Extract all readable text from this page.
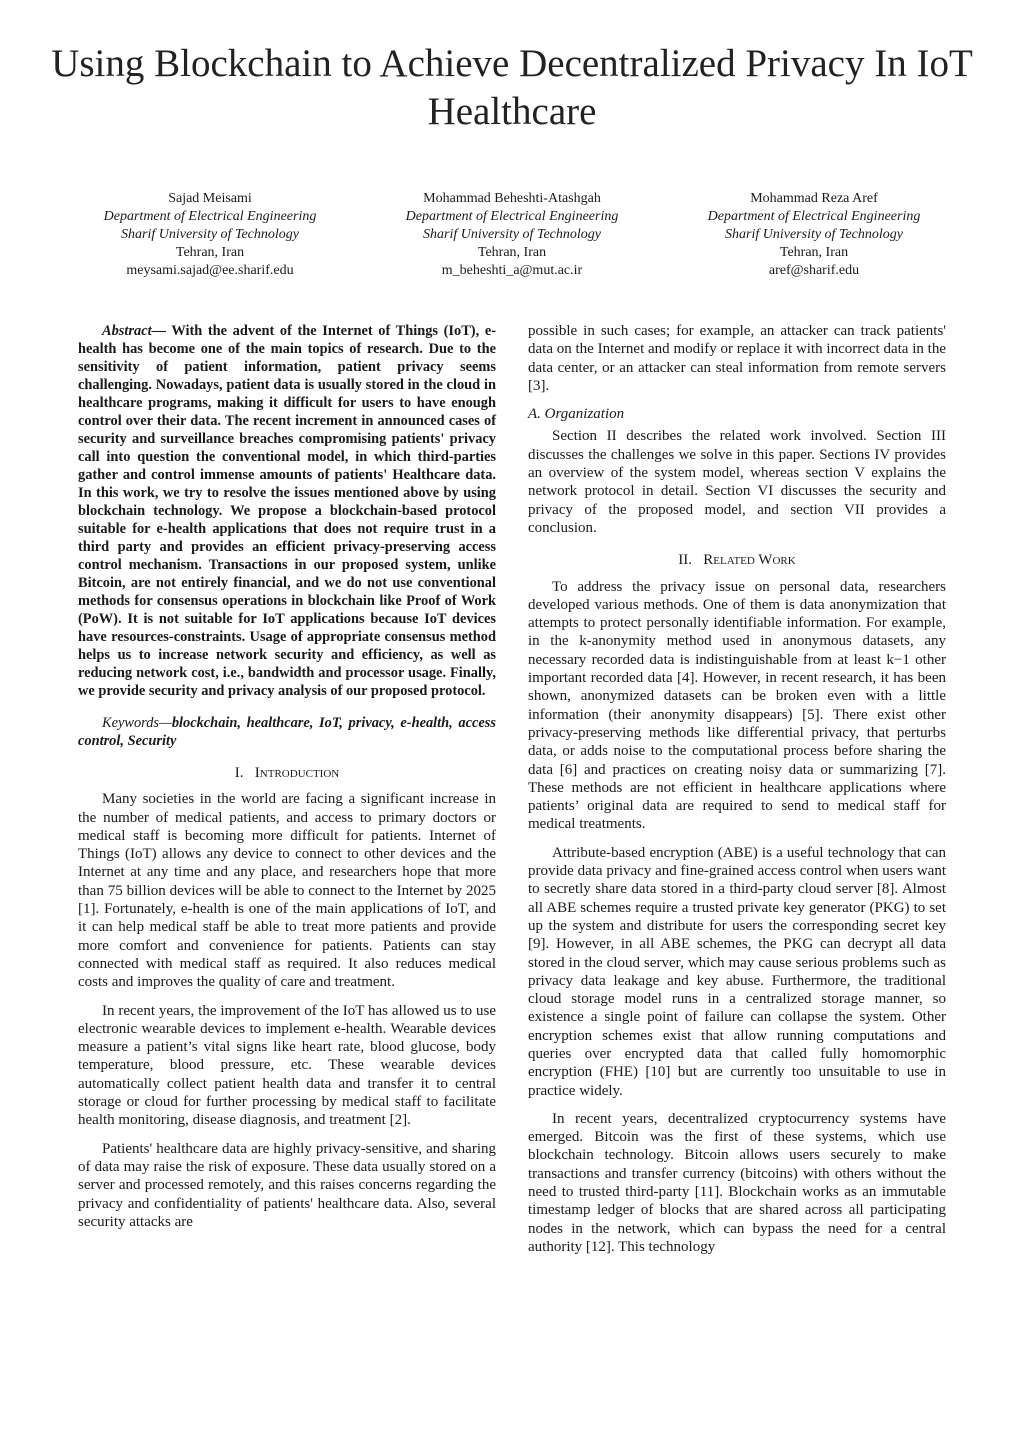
Using Blockchain to Achieve Decentralized Privacy In IoT Healthcare
Sajad Meisami
Department of Electrical Engineering
Sharif University of Technology
Tehran, Iran
meysami.sajad@ee.sharif.edu
Mohammad Beheshti-Atashgah
Department of Electrical Engineering
Sharif University of Technology
Tehran, Iran
m_beheshti_a@mut.ac.ir
Mohammad Reza Aref
Department of Electrical Engineering
Sharif University of Technology
Tehran, Iran
aref@sharif.edu

Abstract— With the advent of the Internet of Things (IoT), e-health has become one of the main topics of research. Due to the sensitivity of patient information, patient privacy seems challenging. Nowadays, patient data is usually stored in the cloud in healthcare programs, making it difficult for users to have enough control over their data. The recent increment in announced cases of security and surveillance breaches compromising patients' privacy call into question the conventional model, in which third-parties gather and control immense amounts of patients' Healthcare data. In this work, we try to resolve the issues mentioned above by using blockchain technology. We propose a blockchain-based protocol suitable for e-health applications that does not require trust in a third party and provides an efficient privacy-preserving access control mechanism. Transactions in our proposed system, unlike Bitcoin, are not entirely financial, and we do not use conventional methods for consensus operations in blockchain like Proof of Work (PoW). It is not suitable for IoT applications because IoT devices have resources-constraints. Usage of appropriate consensus method helps us to increase network security and efficiency, as well as reducing network cost, i.e., bandwidth and processor usage. Finally, we provide security and privacy analysis of our proposed protocol.

Keywords—blockchain, healthcare, IoT, privacy, e-health, access control, Security

I. Introduction

Many societies in the world are facing a significant increase in the number of medical patients, and access to primary doctors or medical staff is becoming more difficult for patients. Internet of Things (IoT) allows any device to connect to other devices and the Internet at any time and any place, and researchers hope that more than 75 billion devices will be able to connect to the Internet by 2025 [1]. Fortunately, e-health is one of the main applications of IoT, and it can help medical staff be able to treat more patients and provide more comfort and convenience for patients. Patients can stay connected with medical staff as required. It also reduces medical costs and improves the quality of care and treatment.

In recent years, the improvement of the IoT has allowed us to use electronic wearable devices to implement e-health. Wearable devices measure a patient’s vital signs like heart rate, blood glucose, body temperature, blood pressure, etc. These wearable devices automatically collect patient health data and transfer it to central storage or cloud for further processing by medical staff to facilitate health monitoring, disease diagnosis, and treatment [2].

Patients' healthcare data are highly privacy-sensitive, and sharing of data may raise the risk of exposure. These data usually stored on a server and processed remotely, and this raises concerns regarding the privacy and confidentiality of patients' healthcare data. Also, several security attacks are

possible in such cases; for example, an attacker can track patients' data on the Internet and modify or replace it with incorrect data in the data center, or an attacker can steal information from remote servers [3].

A. Organization

Section II describes the related work involved. Section III discusses the challenges we solve in this paper. Sections IV provides an overview of the system model, whereas section V explains the network protocol in detail. Section VI discusses the security and privacy of the proposed model, and section VII provides a conclusion.

II. Related Work

To address the privacy issue on personal data, researchers developed various methods. One of them is data anonymization that attempts to protect personally identifiable information. For example, in the k-anonymity method used in anonymous datasets, any necessary recorded data is indistinguishable from at least k−1 other important recorded data [4]. However, in recent research, it has been shown, anonymized datasets can be broken even with a little information (their anonymity disappears) [5]. There exist other privacy-preserving methods like differential privacy, that perturbs data, or adds noise to the computational process before sharing the data [6] and practices on creating noisy data or summarizing [7]. These methods are not efficient in healthcare applications where patients’ original data are required to send to medical staff for medical treatments.

Attribute-based encryption (ABE) is a useful technology that can provide data privacy and fine-grained access control when users want to secretly share data stored in a third-party cloud server [8]. Almost all ABE schemes require a trusted private key generator (PKG) to set up the system and distribute for users the corresponding secret key [9]. However, in all ABE schemes, the PKG can decrypt all data stored in the cloud server, which may cause serious problems such as privacy data leakage and key abuse. Furthermore, the traditional cloud storage model runs in a centralized storage manner, so existence a single point of failure can collapse the system. Other encryption schemes exist that allow running computations and queries over encrypted data that called fully homomorphic encryption (FHE) [10] but are currently too unsuitable to use in practice widely.

In recent years, decentralized cryptocurrency systems have emerged. Bitcoin was the first of these systems, which use blockchain technology. Bitcoin allows users securely to make transactions and transfer currency (bitcoins) with others without the need to trusted third-party [11]. Blockchain works as an immutable timestamp ledger of blocks that are shared across all participating nodes in the network, which can bypass the need for a central authority [12]. This technology
